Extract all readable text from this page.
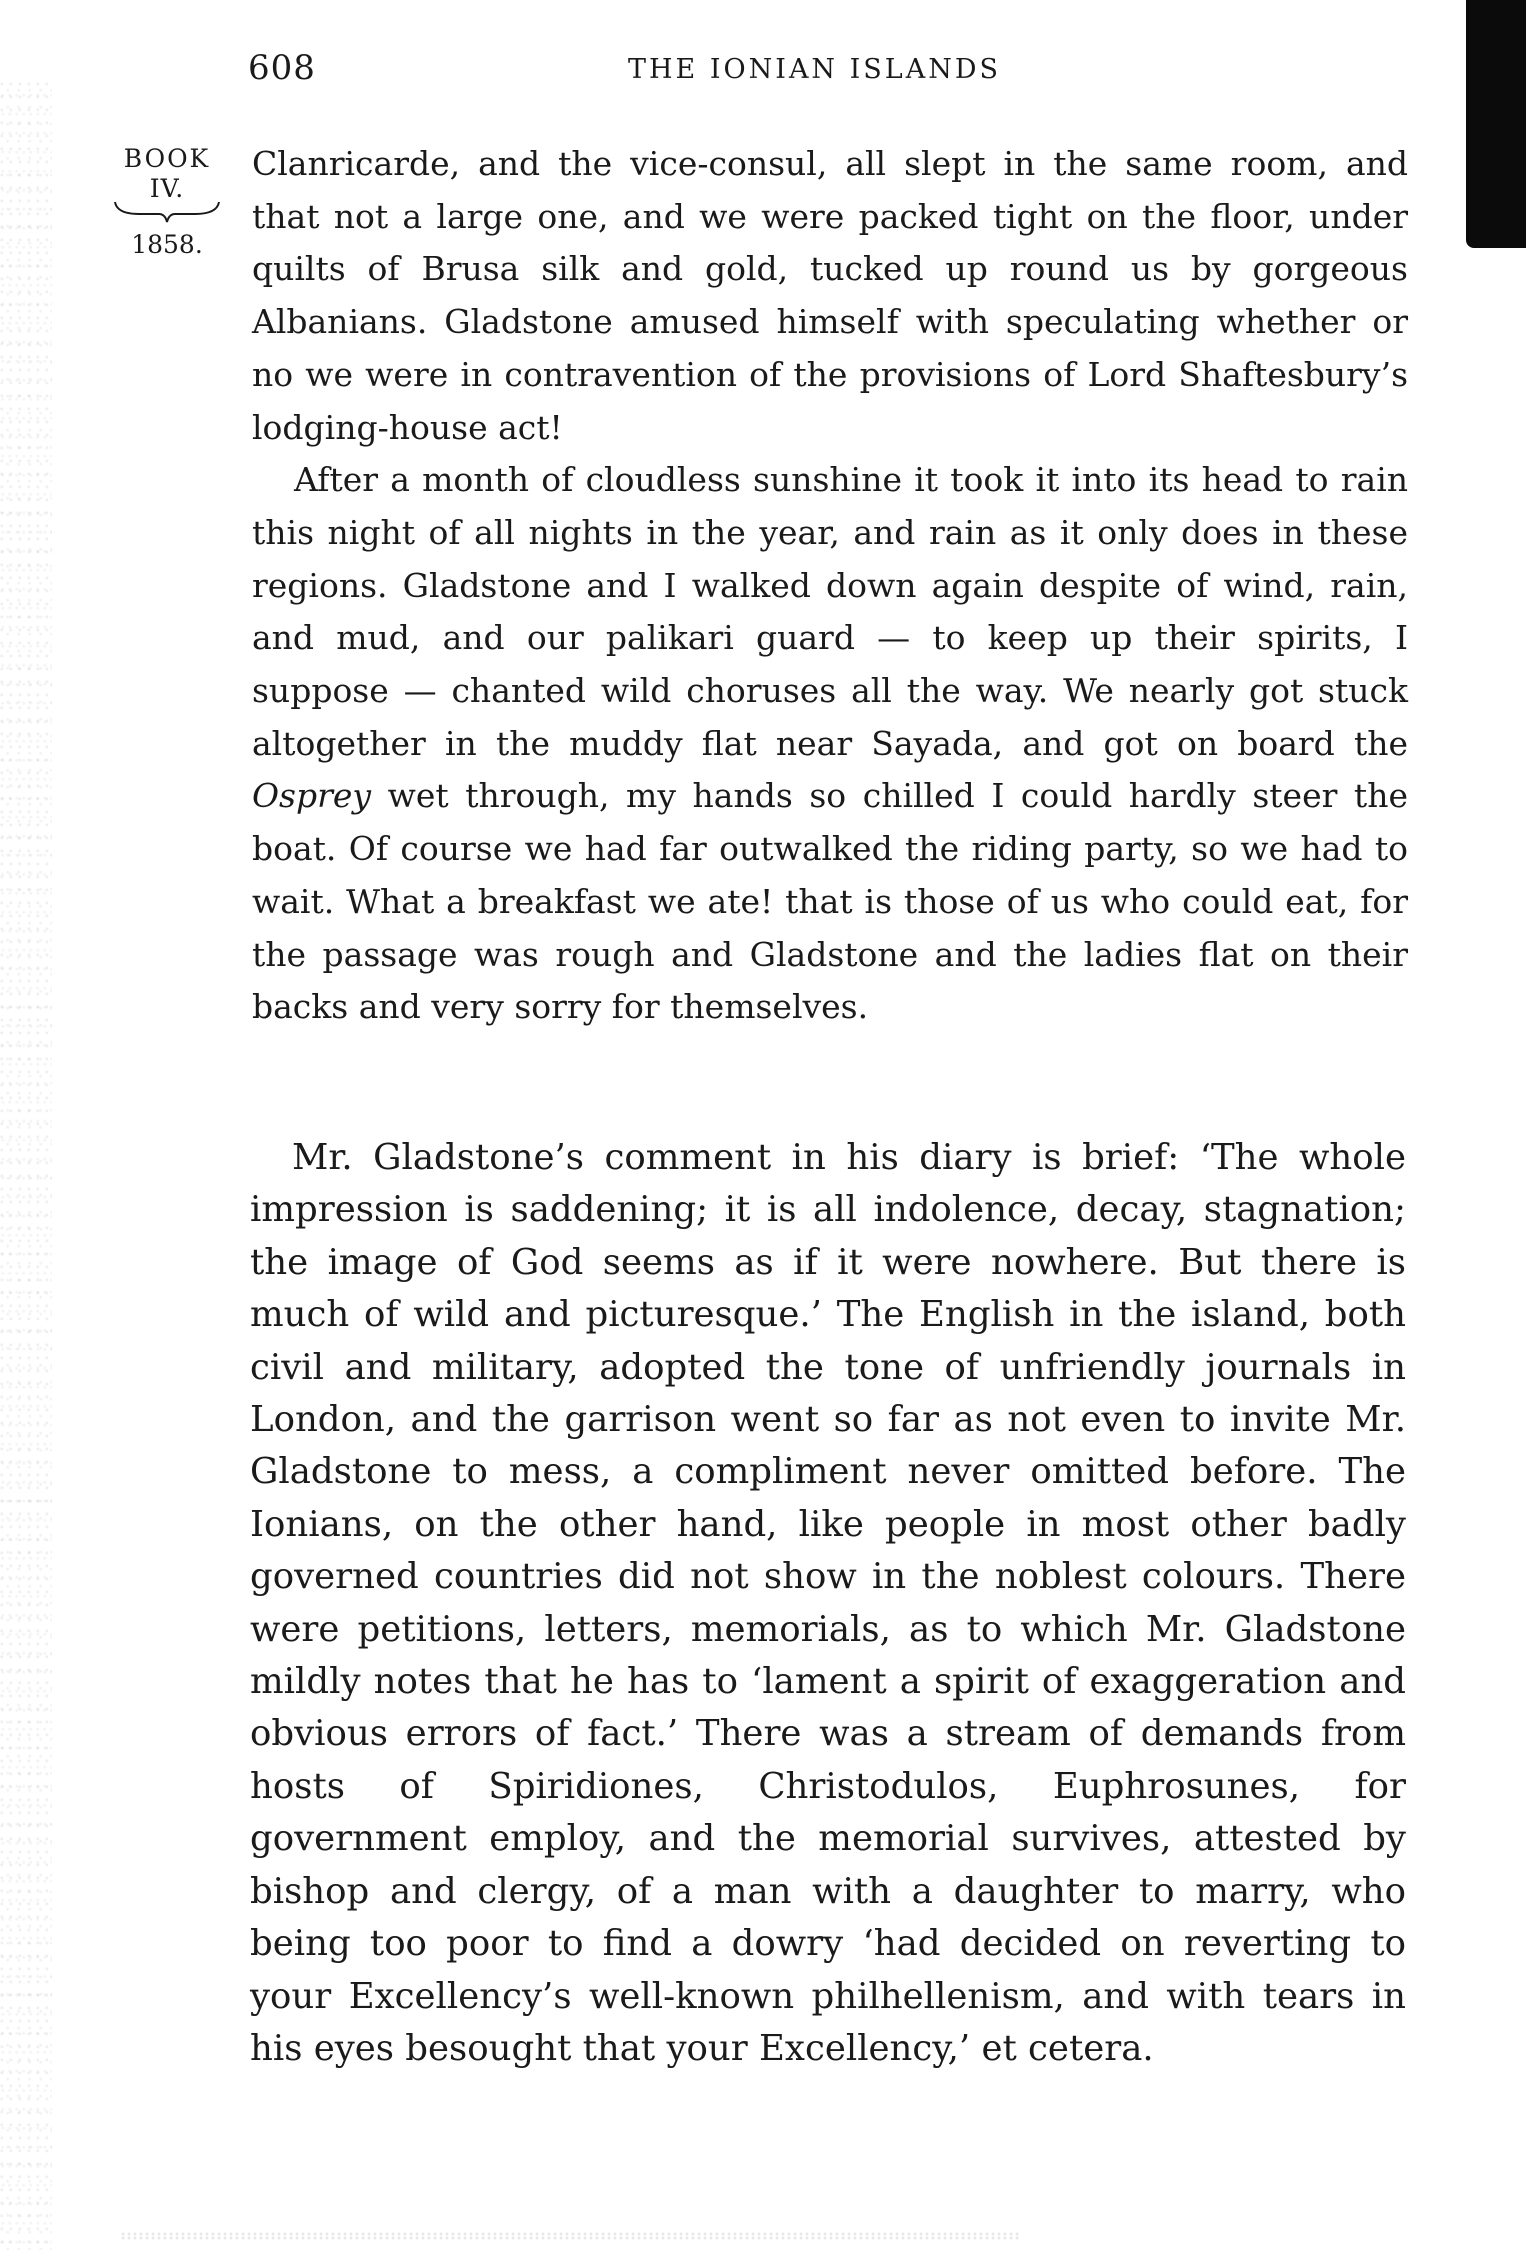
608	THE IONIAN ISLANDS
BOOK
IV.
1858.

Clanricarde, and the vice-consul, all slept in the same room, and that not a large one, and we were packed tight on the floor, under quilts of Brusa silk and gold, tucked up round us by gorgeous Albanians. Gladstone amused himself with speculating whether or no we were in contravention of the provisions of Lord Shaftesbury’s lodging-house act!

After a month of cloudless sunshine it took it into its head to rain this night of all nights in the year, and rain as it only does in these regions. Gladstone and I walked down again despite of wind, rain, and mud, and our palikari guard — to keep up their spirits, I suppose — chanted wild choruses all the way. We nearly got stuck altogether in the muddy flat near Sayada, and got on board the Osprey wet through, my hands so chilled I could hardly steer the boat. Of course we had far outwalked the riding party, so we had to wait. What a breakfast we ate! that is those of us who could eat, for the passage was rough and Gladstone and the ladies flat on their backs and very sorry for themselves.

Mr. Gladstone’s comment in his diary is brief: ‘The whole impression is saddening; it is all indolence, decay, stagnation; the image of God seems as if it were nowhere. But there is much of wild and picturesque.’ The English in the island, both civil and military, adopted the tone of unfriendly journals in London, and the garrison went so far as not even to invite Mr. Gladstone to mess, a compliment never omitted before. The Ionians, on the other hand, like people in most other badly governed countries did not show in the noblest colours. There were petitions, letters, memorials, as to which Mr. Gladstone mildly notes that he has to ‘lament a spirit of exaggeration and obvious errors of fact.’ There was a stream of demands from hosts of Spiridiones, Christodulos, Euphrosunes, for government employ, and the memorial survives, attested by bishop and clergy, of a man with a daughter to marry, who being too poor to find a dowry ‘had decided on reverting to your Excellency’s well-known philhellenism, and with tears in his eyes besought that your Excellency,’ et cetera.
